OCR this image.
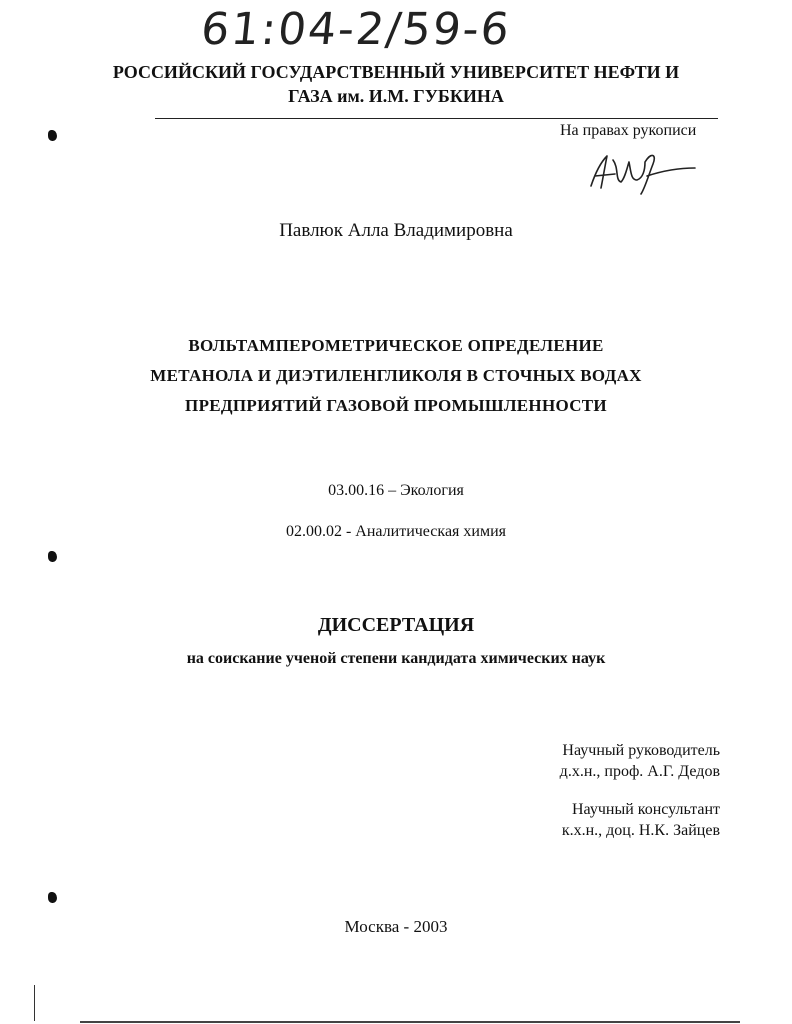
61:04-2/59-6
РОССИЙСКИЙ ГОСУДАРСТВЕННЫЙ УНИВЕРСИТЕТ НЕФТИ И
ГАЗА им. И.М. ГУБКИНА
На правах рукописи
Павлюк Алла Владимировна
ВОЛЬТАМПЕРОМЕТРИЧЕСКОЕ ОПРЕДЕЛЕНИЕ
МЕТАНОЛА И ДИЭТИЛЕНГЛИКОЛЯ В СТОЧНЫХ ВОДАХ
ПРЕДПРИЯТИЙ ГАЗОВОЙ ПРОМЫШЛЕННОСТИ
03.00.16 – Экология
02.00.02 - Аналитическая химия
ДИССЕРТАЦИЯ
на соискание ученой степени кандидата химических наук
Научный руководитель
д.х.н., проф. А.Г. Дедов
Научный консультант
к.х.н., доц. Н.К. Зайцев
Москва - 2003
